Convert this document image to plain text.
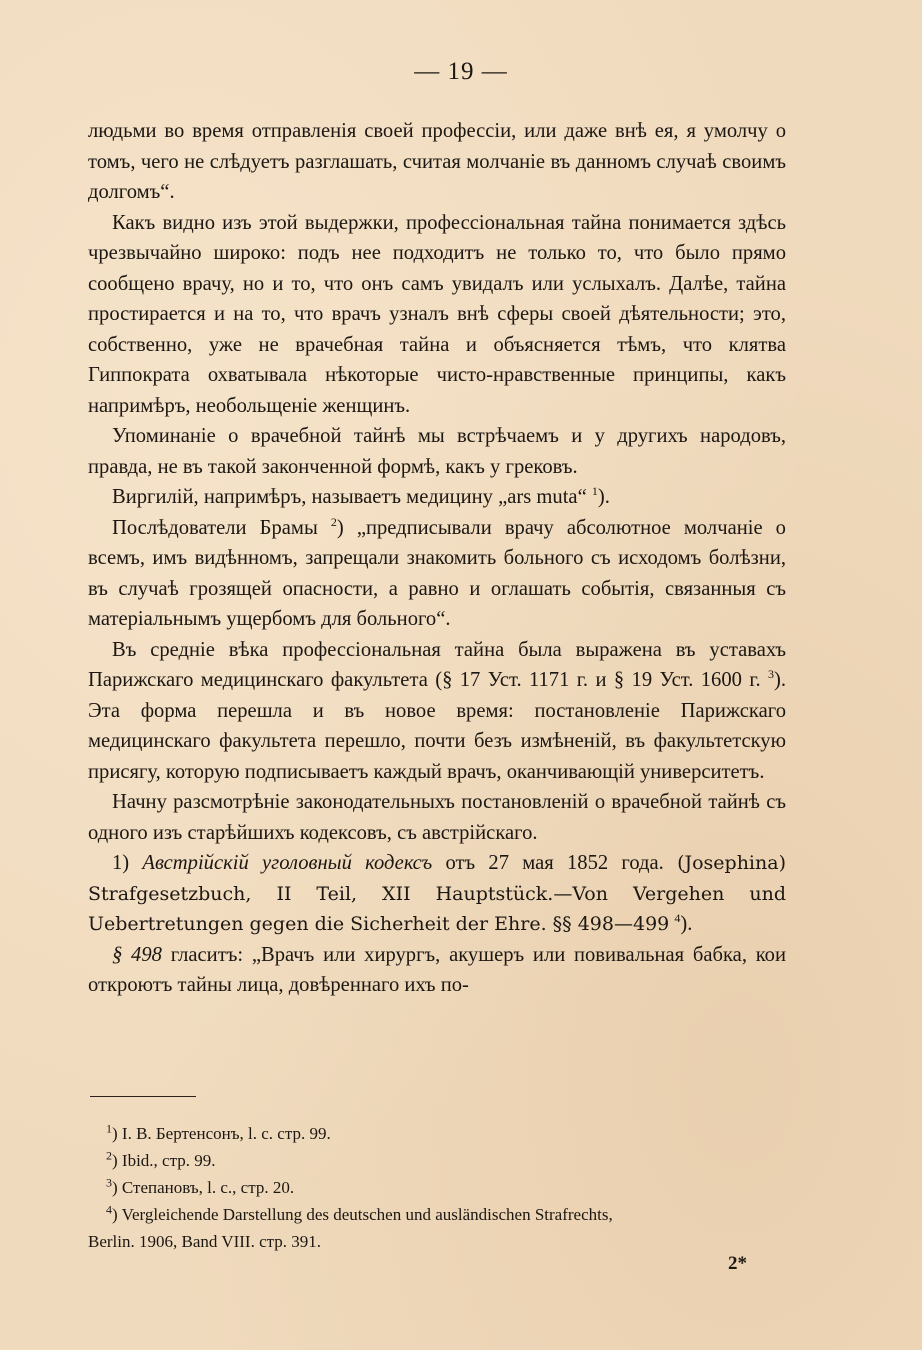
— 19 —

людьми во время отправленія своей профессіи, или даже внѣ ея, я умолчу о томъ, чего не слѣдуетъ разглашать, считая молчаніе въ данномъ случаѣ своимъ долгомъ“.

Какъ видно изъ этой выдержки, профессіональная тайна понимается здѣсь чрезвычайно широко: подъ нее подходитъ не только то, что было прямо сообщено врачу, но и то, что онъ самъ увидалъ или услыхалъ. Далѣе, тайна простирается и на то, что врачъ узналъ внѣ сферы своей дѣятельности; это, собственно, уже не врачебная тайна и объясняется тѣмъ, что клятва Гиппократа охватывала нѣкоторые чисто-нравственные принципы, какъ напримѣръ, необольщеніе женщинъ.

Упоминаніе о врачебной тайнѣ мы встрѣчаемъ и у другихъ народовъ, правда, не въ такой законченной формѣ, какъ у грековъ.

Виргилій, напримѣръ, называетъ медицину „ars muta“ $^1$).

Послѣдователи Брамы $^2$) „предписывали врачу абсолютное молчаніе о всемъ, имъ видѣнномъ, запрещали знакомить больного съ исходомъ болѣзни, въ случаѣ грозящей опасности, а равно и оглашать событія, связанныя съ матеріальнымъ ущербомъ для больного“.

Въ средніе вѣка профессіональная тайна была выражена въ уставахъ Парижскаго медицинскаго факультета (§ 17 Уст. 1171 г. и § 19 Уст. 1600 г. $^3$). Эта форма перешла и въ новое время: постановленіе Парижскаго медицинскаго факультета перешло, почти безъ измѣненій, въ факультетскую присягу, которую подписываетъ каждый врачъ, оканчивающій университетъ.

Начну разсмотрѣніе законодательныхъ постановленій о врачебной тайнѣ съ одного изъ старѣйшихъ кодексовъ, съ австрійскаго.

1) Австрійскій уголовный кодексъ отъ 27 мая 1852 года. (Josephina) Strafgesetzbuch, II Teil, XII Hauptstück.—Von Vergehen und Uebertretungen gegen die Sicherheit der Ehre. §§ 498—499 $^4$).

§ 498 гласитъ: „Врачъ или хирургъ, акушеръ или повивальная бабка, кои откроютъ тайны лица, довѣреннаго ихъ по-

$^1$) І. В. Бертенсонъ, l. c. стр. 99.

$^2$) Ibid., стр. 99.

$^3$) Степановъ, l. c., стр. 20.

$^4$) Vergleichende Darstellung des deutschen und ausländischen Strafrechts,

Berlin. 1906, Band VIII. стр. 391.

2*
